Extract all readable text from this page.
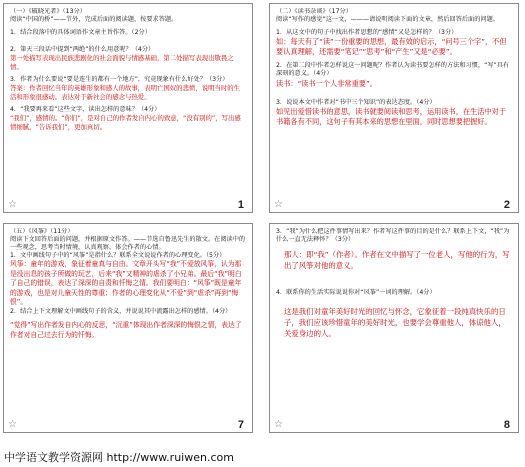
（一）《破晓光者》（13分）

阅读“中国的桥”——节外，完成后面的阅读题，按要求答题。

1．结合段落中的具体词语作文章主旨作答。（2分）

2．第天三段话中提到“两绝”的什么用意呢？（4分）

第一处描写表现出民族悲剧化的社会面貌与情感基础，第二处描写表现出敬畏之情。

3．作者为什么要说“要是连生的都有一个地方”，究竟现象有什么好处？（3分）

答案：作者回忆当年的英雄形象和感人的故事，表明亡国奴的悲愤，说明当时的生活和形象很感动。表达对于新社会的感念与热爱。

4．“我要再来看”这些文字，读出怎样的意味？（4分）

“我们”，感情的。“你们”，是对自己的作者发自内心的致意，“没有别的”，写出感情细腻，“告诉我们”，更加真切。

☆	1

（二）《读书杂谈》（17分）

阅读“写作的感觉”这一文，———请说明阅读下面的文章，然后回答后面的问题。

1．从这文中的句子中找出作者思想的“感情”又是怎样的？（3分）

如：每天有了“读”一份重要的思想，最有效的启示，“问号三个字”，不但要认真理解，还需要“笔记”“思考”和“产生”又是“必要”。

2．在第二段中作者怎样说这一问题呢？作者认为读书要怎样的方法和习惯，“写”具有深刻的意义。（4分）

读书：“读书一个人非常重要”。

3．说说本文中作者对“书中三个知识”的表达态度。（4分）

如见出爱惜读书的意思，读书就要阅读和思考，运用读书，在生活中对于书籍各有不同，这句子有其本来的思想在里面，同时思想要把握好。

☆	2

（五）《风筝》（11分）

阅读下文回答后面的问题，并根据原文作答。——节选自鲁迅先生的散文。在阅读中的一些观念，思考当时情境，认真观察，体会作者的心情。

1．文中画线句子中的“风筝”是指什么？联系全文说说作者的心理变化。（5分）

风筝：童年的游戏，象征着童真与自由。文章开头写“我”不爱放风筝，认为那是没出息的孩子所做的玩艺，后来“我”又精神的虐杀了小兄弟。最后“我”明白了自己的错误，表达了深深的自责和忏悔之情。我们要明白：“风筝”既是童年的游戏，也是对儿童天性的尊重；作者的心理变化从“不爱”到“虐杀”再到“悔恨”。

2．结合上下文理解文中画线句子的含义，并说说其中流露出怎样的感情。（4分）

“觉得”写出作者发自内心的反思，“沉重”体现出作者深深的悔恨之情，表达了作者对自己过去行为的忏悔。

☆	7

3．“我”为什么把这件事情写出来？作者写这件事的目的是什么？联系上下文，“我”为什么一直无法释怀？（3分）

那人：即“我”（作者）。作者在文中描写了一位老人，写他的行为，写出了风筝对他的意义。

4．联系你的生活实际说说你对“风筝”一词的理解。（4分）

这是我们对童年美好时光的回忆与怀念，它象征着一段纯真快乐的日子，我们应该珍惜童年的美好时光，也要学会尊重他人，体谅他人，关爱身边的人。

☆	8
中学语文教学资源网 http://www.ruiwen.com
